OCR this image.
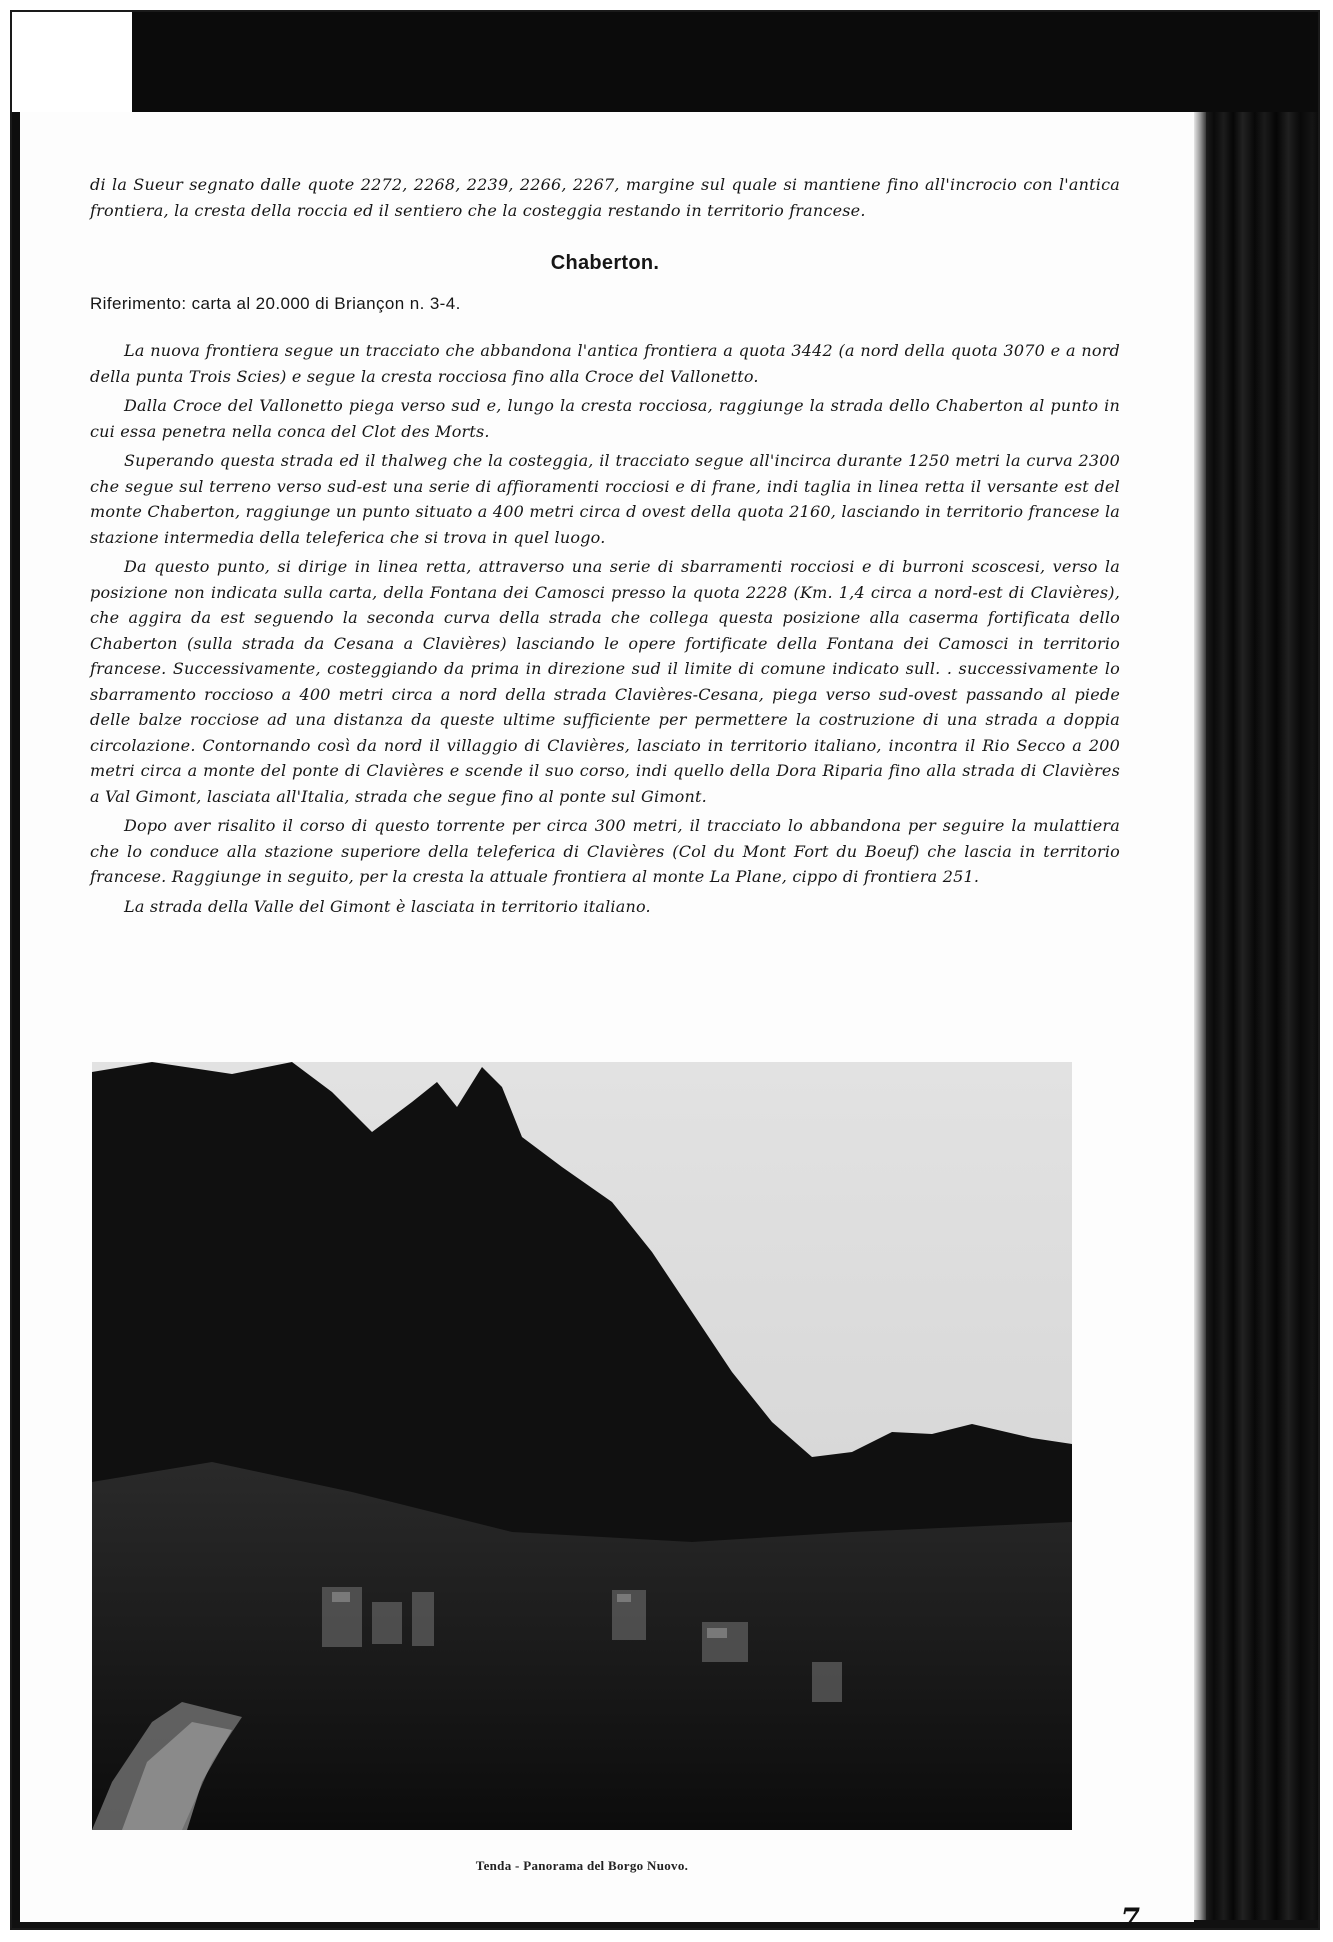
di la Sueur segnato dalle quote 2272, 2268, 2239, 2266, 2267, margine sul quale si mantiene fino all'incrocio con l'antica frontiera, la cresta della roccia ed il sentiero che la costeggia restando in territorio francese.

Chaberton.

Riferimento: carta al 20.000 di Briançon n. 3-4.

La nuova frontiera segue un tracciato che abbandona l'antica frontiera a quota 3442 (a nord della quota 3070 e a nord della punta Trois Scies) e segue la cresta rocciosa fino alla Croce del Vallonetto.

Dalla Croce del Vallonetto piega verso sud e, lungo la cresta rocciosa, raggiunge la strada dello Chaberton al punto in cui essa penetra nella conca del Clot des Morts.

Superando questa strada ed il thalweg che la costeggia, il tracciato segue all'incirca durante 1250 metri la curva 2300 che segue sul terreno verso sud-est una serie di affioramenti rocciosi e di frane, indi taglia in linea retta il versante est del monte Chaberton, raggiunge un punto situato a 400 metri circa d ovest della quota 2160, lasciando in territorio francese la stazione intermedia della teleferica che si trova in quel luogo.

Da questo punto, si dirige in linea retta, attraverso una serie di sbarramenti rocciosi e di burroni scoscesi, verso la posizione non indicata sulla carta, della Fontana dei Camosci presso la quota 2228 (Km. 1,4 circa a nord-est di Clavières), che aggira da est seguendo la seconda curva della strada che collega questa posizione alla caserma fortificata dello Chaberton (sulla strada da Cesana a Clavières) lasciando le opere fortificate della Fontana dei Camosci in territorio francese. Successivamente, costeggiando da prima in direzione sud il limite di comune indicato sull. . successivamente lo sbarramento roccioso a 400 metri circa a nord della strada Clavières-Cesana, piega verso sud-ovest passando al piede delle balze rocciose ad una distanza da queste ultime sufficiente per permettere la costruzione di una strada a doppia circolazione. Contornando così da nord il villaggio di Clavières, lasciato in territorio italiano, incontra il Rio Secco a 200 metri circa a monte del ponte di Clavières e scende il suo corso, indi quello della Dora Riparia fino alla strada di Clavières a Val Gimont, lasciata all'Italia, strada che segue fino al ponte sul Gimont.

Dopo aver risalito il corso di questo torrente per circa 300 metri, il tracciato lo abbandona per seguire la mulattiera che lo conduce alla stazione superiore della teleferica di Clavières (Col du Mont Fort du Boeuf) che lascia in territorio francese. Raggiunge in seguito, per la cresta la attuale frontiera al monte La Plane, cippo di frontiera 251.

La strada della Valle del Gimont è lasciata in territorio italiano.

Tenda - Panorama del Borgo Nuovo.
7
